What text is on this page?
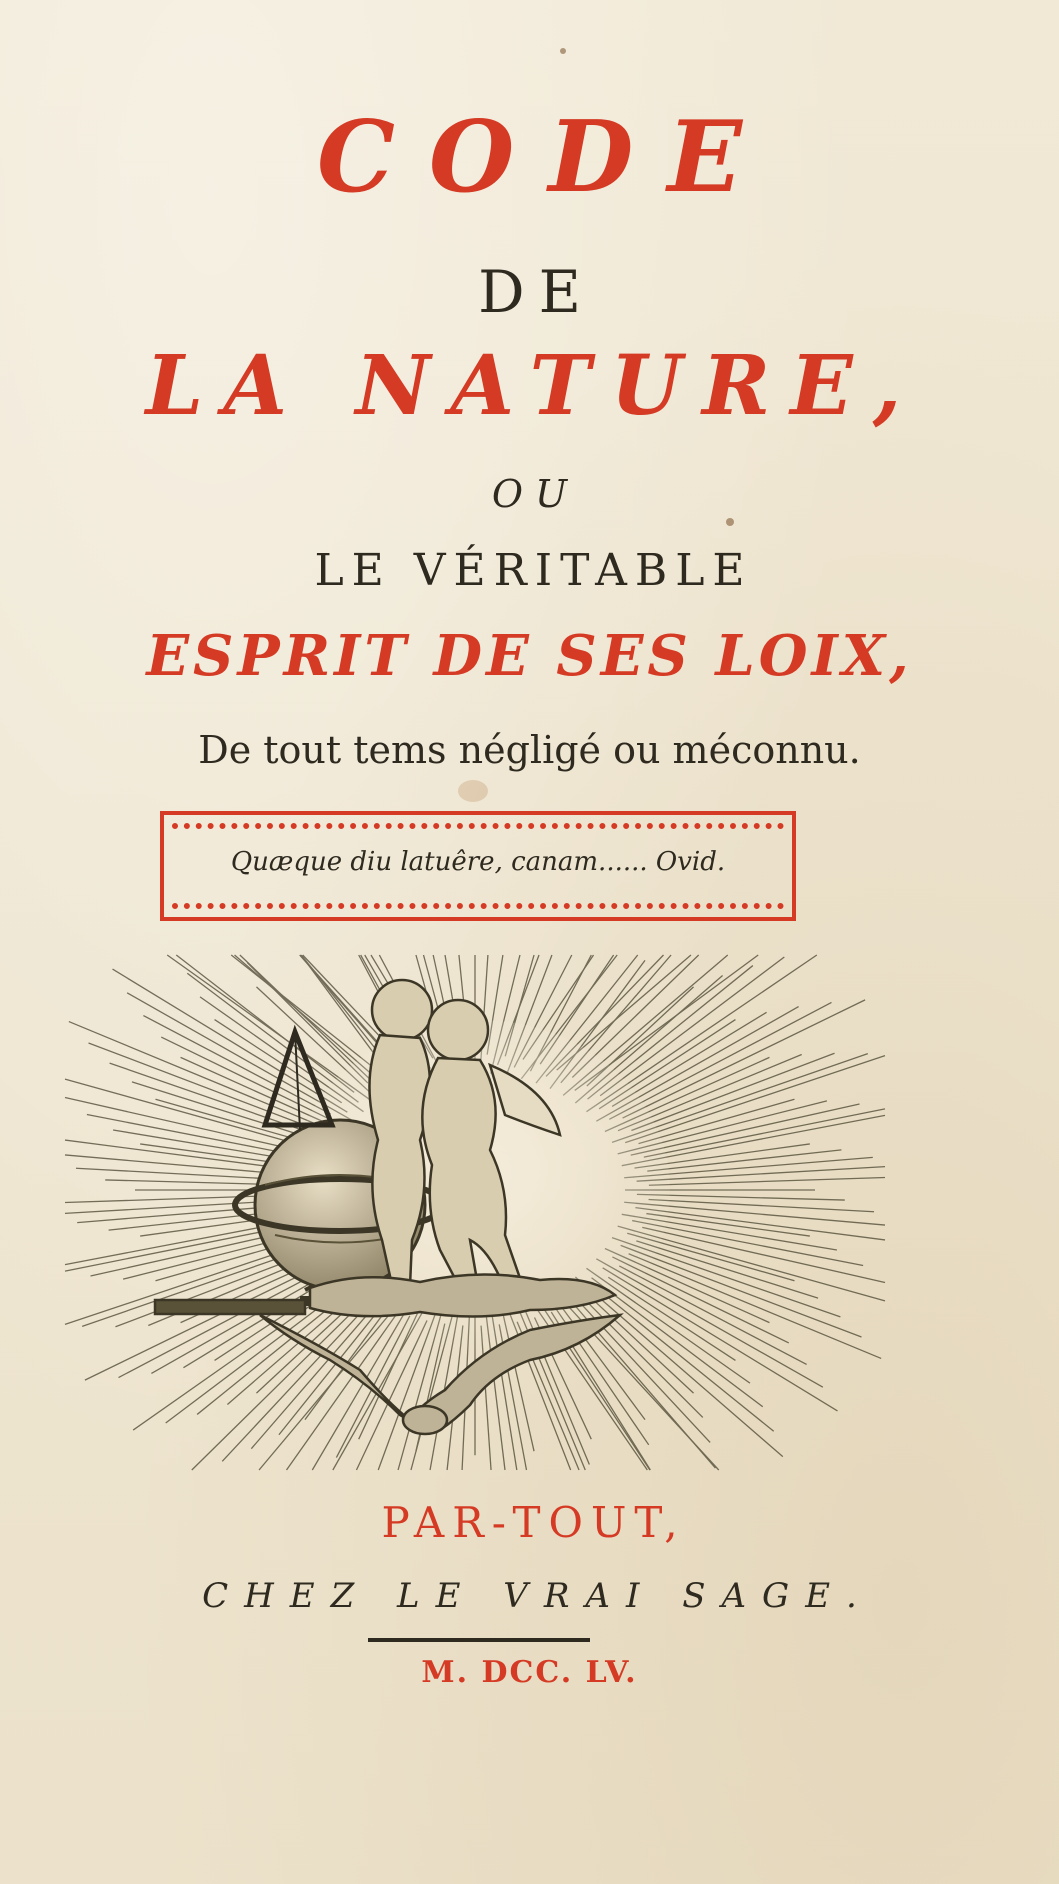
CODE
DE
LA NATURE,
OU
LE VÉRITABLE
ESPRIT DE SES LOIX,
De tout tems négligé ou méconnu.
Quæque diu latuêre, canam...... Ovid.
PAR-TOUT,
CHEZ LE VRAI SAGE.
M. DCC. LV.
